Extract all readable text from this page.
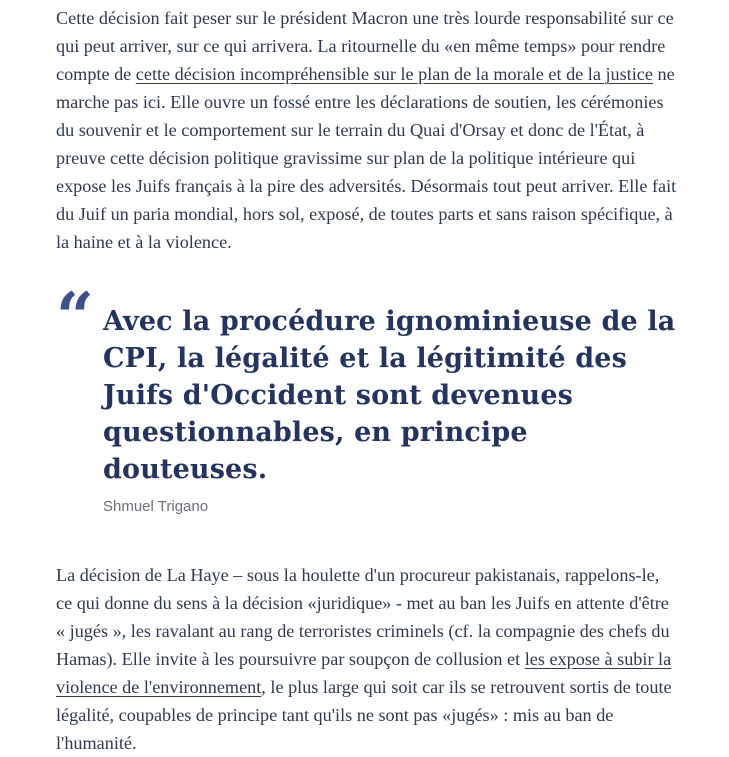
Cette décision fait peser sur le président Macron une très lourde responsabilité sur ce qui peut arriver, sur ce qui arrivera. La ritournelle du «en même temps» pour rendre compte de cette décision incompréhensible sur le plan de la morale et de la justice ne marche pas ici. Elle ouvre un fossé entre les déclarations de soutien, les cérémonies du souvenir et le comportement sur le terrain du Quai d'Orsay et donc de l'État, à preuve cette décision politique gravissime sur plan de la politique intérieure qui expose les Juifs français à la pire des adversités. Désormais tout peut arriver. Elle fait du Juif un paria mondial, hors sol, exposé, de toutes parts et sans raison spécifique, à la haine et à la violence.

“ Avec la procédure ignominieuse de la CPI, la légalité et la légitimité des Juifs d'Occident sont devenues questionnables, en principe douteuses.

Shmuel Trigano

La décision de La Haye – sous la houlette d'un procureur pakistanais, rappelons-le, ce qui donne du sens à la décision «juridique» - met au ban les Juifs en attente d'être « jugés », les ravalant au rang de terroristes criminels (cf. la compagnie des chefs du Hamas). Elle invite à les poursuivre par soupçon de collusion et les expose à subir la violence de l'environnement, le plus large qui soit car ils se retrouvent sortis de toute légalité, coupables de principe tant qu'ils ne sont pas «jugés» : mis au ban de l'humanité.
